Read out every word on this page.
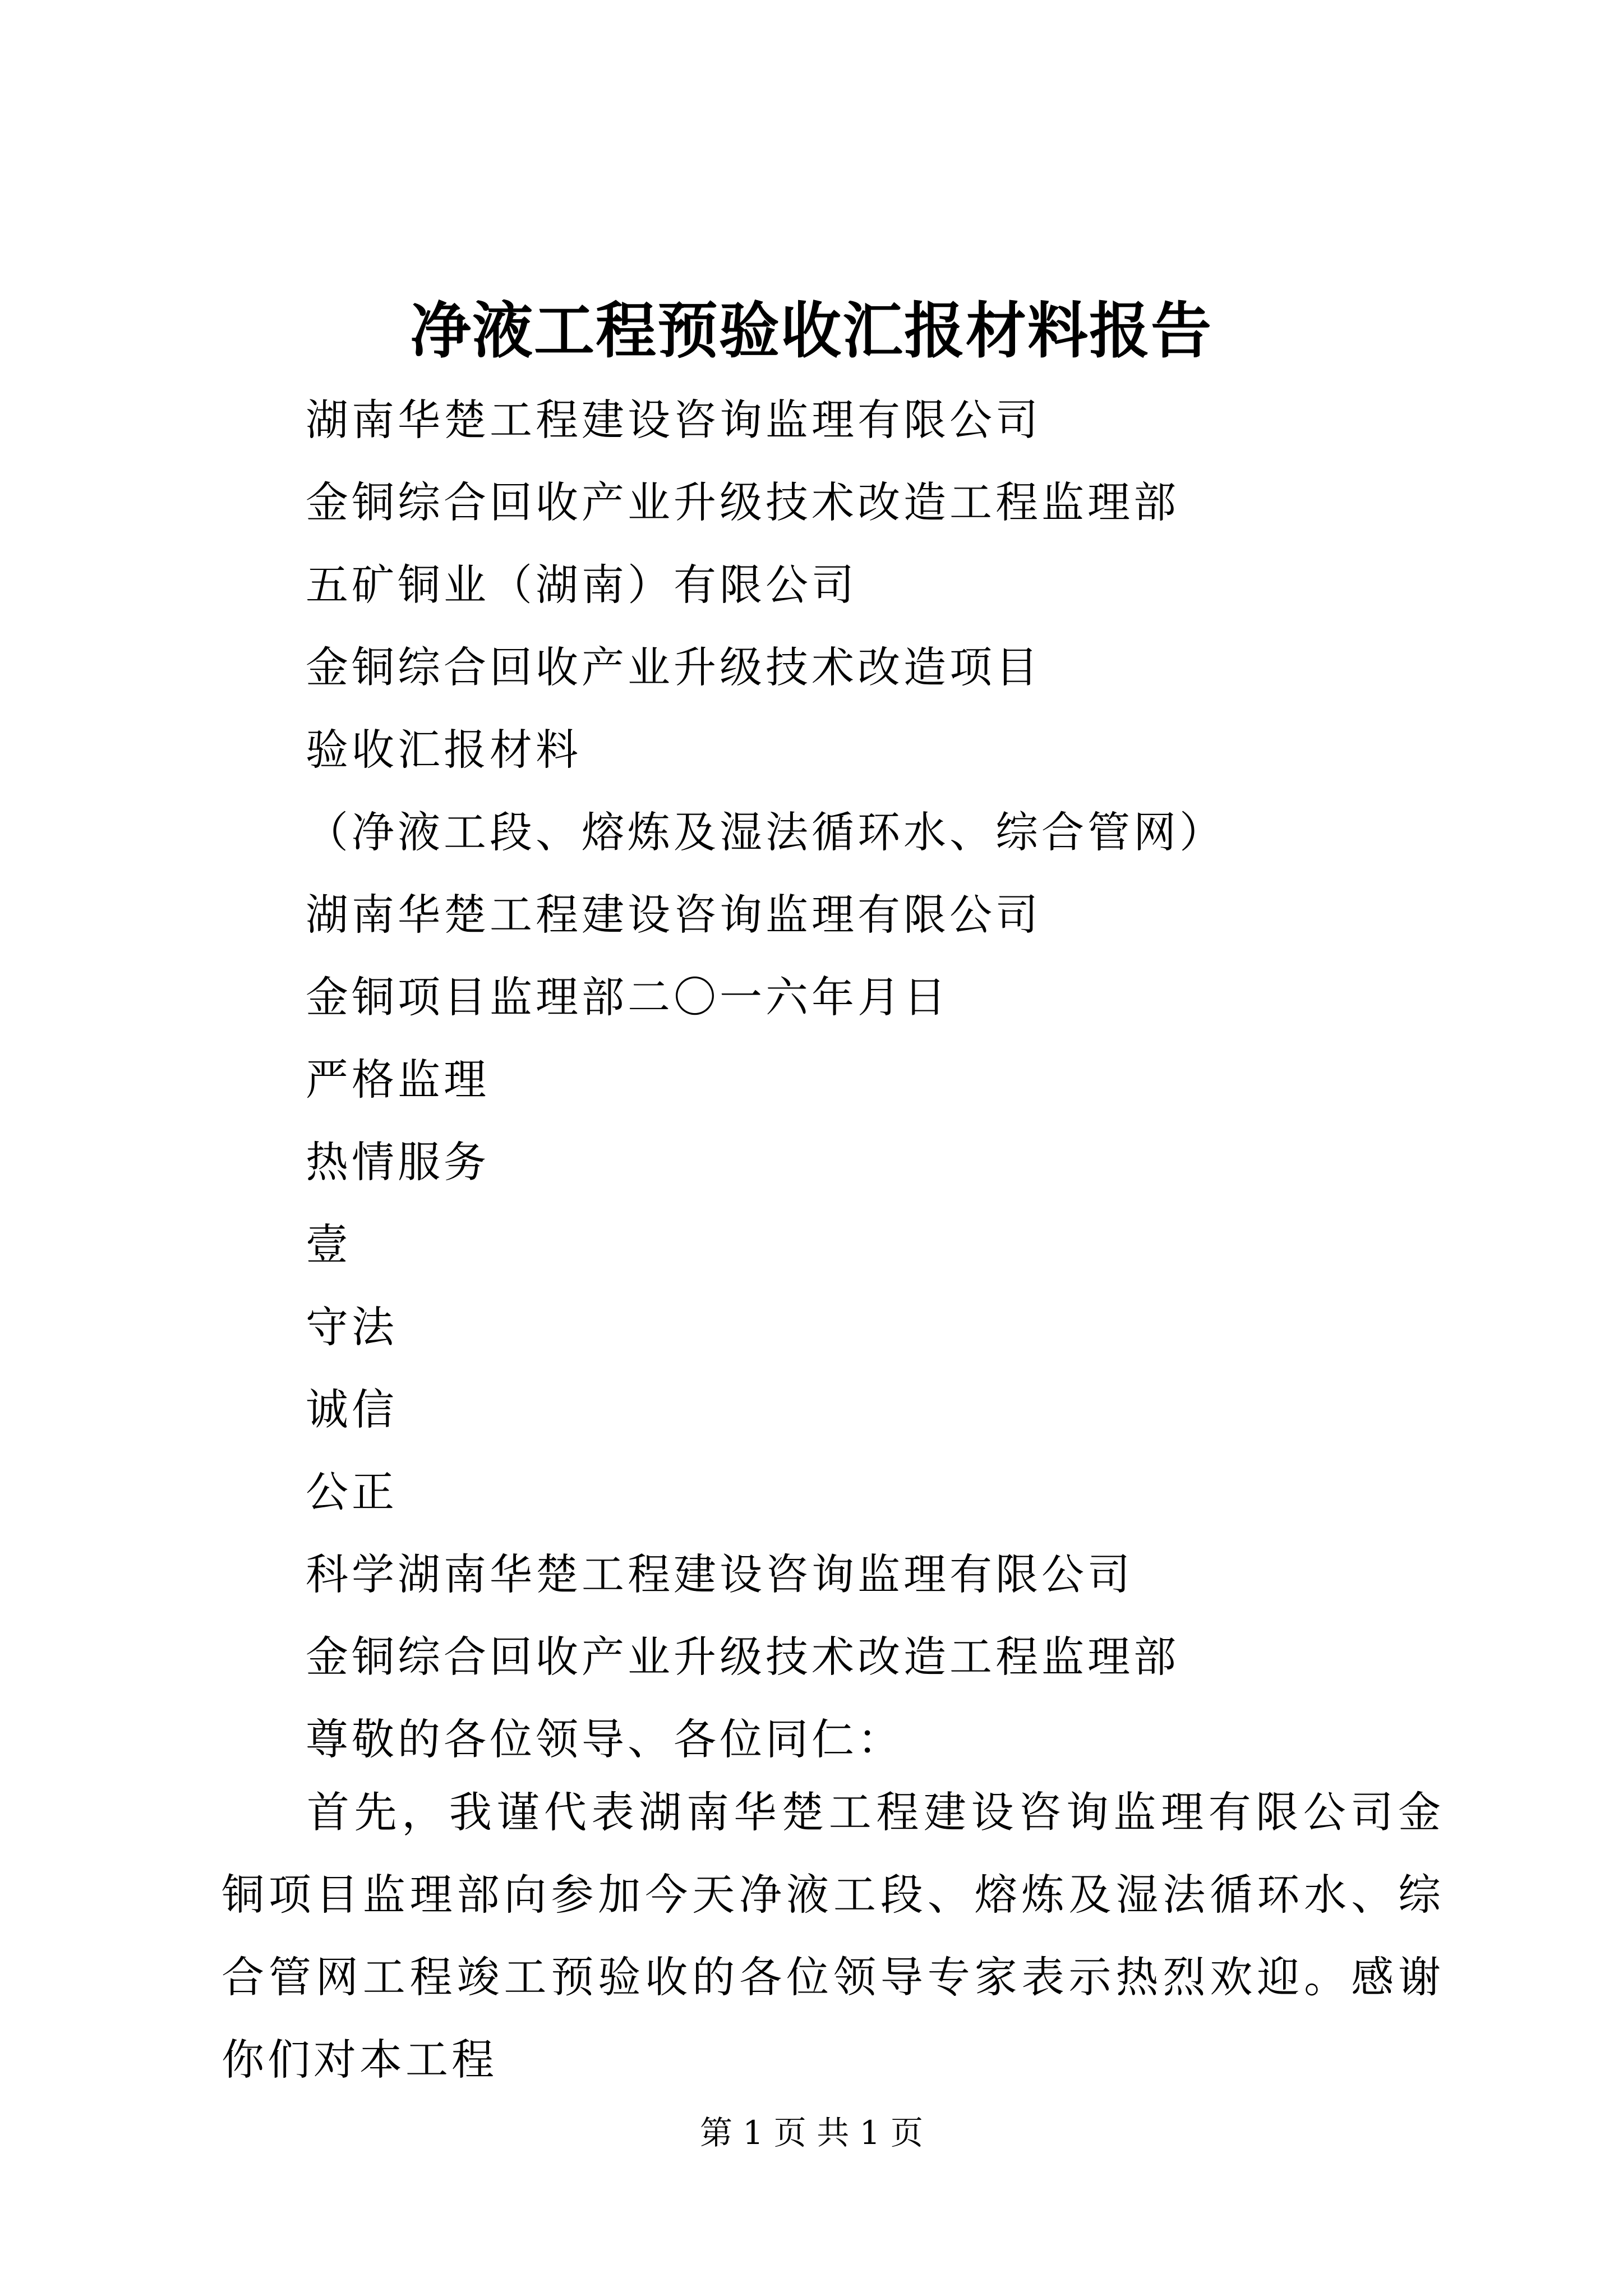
净液工程预验收汇报材料报告
湖南华楚工程建设咨询监理有限公司
金铜综合回收产业升级技术改造工程监理部
五矿铜业（湖南）有限公司
金铜综合回收产业升级技术改造项目
验收汇报材料
（净液工段、熔炼及湿法循环水、综合管网）
湖南华楚工程建设咨询监理有限公司
金铜项目监理部二〇一六年月日
严格监理
热情服务
壹
守法
诚信
公正
科学湖南华楚工程建设咨询监理有限公司
金铜综合回收产业升级技术改造工程监理部
尊敬的各位领导、各位同仁：
首先，我谨代表湖南华楚工程建设咨询监理有限公司金铜项目监理部向参加今天净液工段、熔炼及湿法循环水、综合管网工程竣工预验收的各位领导专家表示热烈欢迎。感谢你们对本工程
第 1 页 共 1 页
